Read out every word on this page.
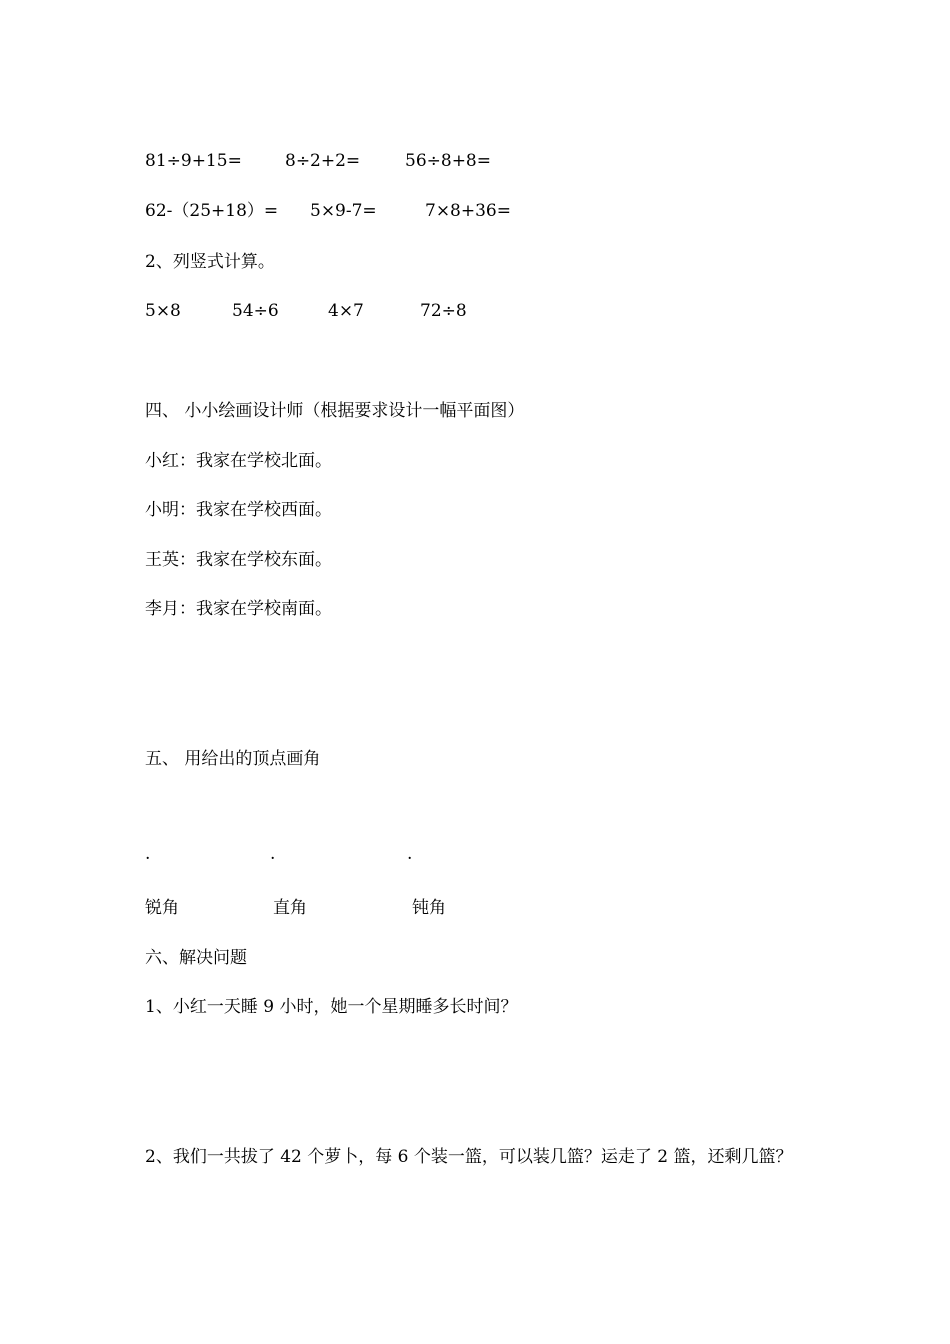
81÷9+15=	8÷2+2=	56÷8+8=
62-（25+18）= 5×9-7=	7×8+36=
2、列竖式计算。
5×8	54÷6	4×7	72÷8
四、 小小绘画设计师（根据要求设计一幅平面图）
小红：我家在学校北面。
小明：我家在学校西面。
王英：我家在学校东面。
李月：我家在学校南面。
五、 用给出的顶点画角
.	.	.
锐角	直角	钝角
六、解决问题
1、小红一天睡 9 小时，她一个星期睡多长时间？
2、我们一共拔了 42 个萝卜，每 6 个装一篮，可以装几篮？运走了 2 篮，还剩几篮？
